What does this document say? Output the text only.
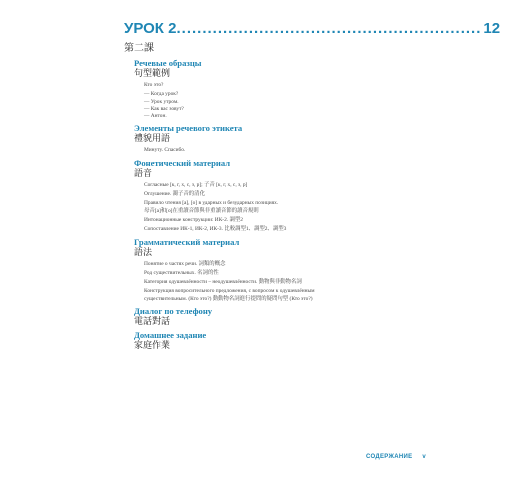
УРОК 2 ........................................................... 12
第二課
Речевые образцы
句型範例
Кто это?
— Когда урок?
— Урок утром.
— Как вас зовут?
— Антон.
Элементы речевого этикета
禮貌用語
Минуту. Спасибо.
Фонетический материал
語音
Согласные [к, г, х, с, з, р]; 子音 [к, г, х, с, з, р]
Оглушение. 濁子音的清化
Правило чтения [а], [о] в ударных и безударных позициях.
母音[а]和[о]在重讀音節與非重讀音節的讀音規則
Интонационные конструкции: ИК-2. 調型2
Сопоставление ИК-1, ИК-2, ИК-3. 比較調型1、調型2、調型3
Грамматический материал
語法
Понятие о частях речи. 詞類的概念
Род существительных. 名詞的性
Категория одушевлённости – неодушевлённости. 動物與非動物名詞
Конструкция вопросительного предложения, с вопросом к одушевлённым
существительным. (Кто это?) 動動物名詞進行提問的疑問句型 (Кто это?)
Диалог по телефону
電話對話
Домашнее задание
家庭作業
СОДЕРЖАНИЕ v
